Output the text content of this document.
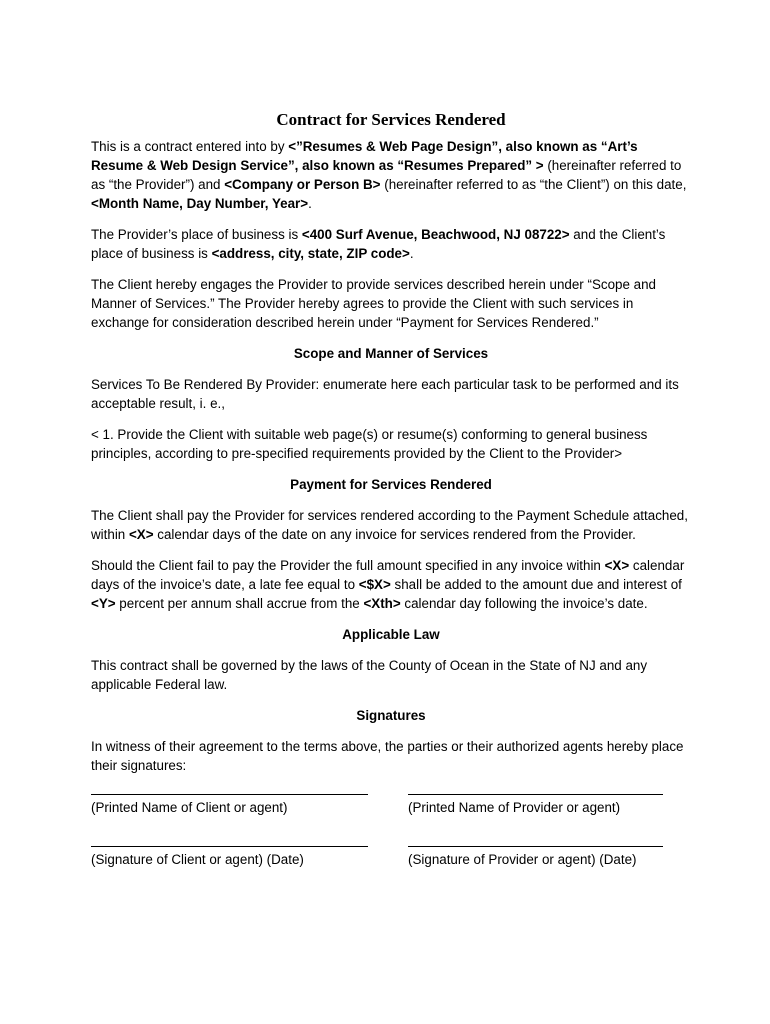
Contract for Services Rendered

This is a contract entered into by <”Resumes & Web Page Design”, also known as “Art’s Resume & Web Design Service”, also known as “Resumes Prepared” > (hereinafter referred to as “the Provider”) and <Company or Person B> (hereinafter referred to as “the Client”) on this date, <Month Name, Day Number, Year>.

The Provider’s place of business is <400 Surf Avenue, Beachwood, NJ 08722> and the Client’s place of business is <address, city, state, ZIP code>.

The Client hereby engages the Provider to provide services described herein under “Scope and Manner of Services.” The Provider hereby agrees to provide the Client with such services in exchange for consideration described herein under “Payment for Services Rendered.”

Scope and Manner of Services

Services To Be Rendered By Provider: enumerate here each particular task to be performed and its acceptable result, i. e.,

< 1. Provide the Client with suitable web page(s) or resume(s) conforming to general business principles, according to pre-specified requirements provided by the Client to the Provider>

Payment for Services Rendered

The Client shall pay the Provider for services rendered according to the Payment Schedule attached, within <X> calendar days of the date on any invoice for services rendered from the Provider.

Should the Client fail to pay the Provider the full amount specified in any invoice within <X> calendar days of the invoice’s date, a late fee equal to <$X> shall be added to the amount due and interest of <Y> percent per annum shall accrue from the <Xth> calendar day following the invoice’s date.

Applicable Law

This contract shall be governed by the laws of the County of Ocean in the State of NJ and any applicable Federal law.

Signatures

In witness of their agreement to the terms above, the parties or their authorized agents hereby place their signatures:

(Printed Name of Client or agent)	(Printed Name of Provider or agent)
(Signature of Client or agent) (Date)	(Signature of Provider or agent) (Date)
